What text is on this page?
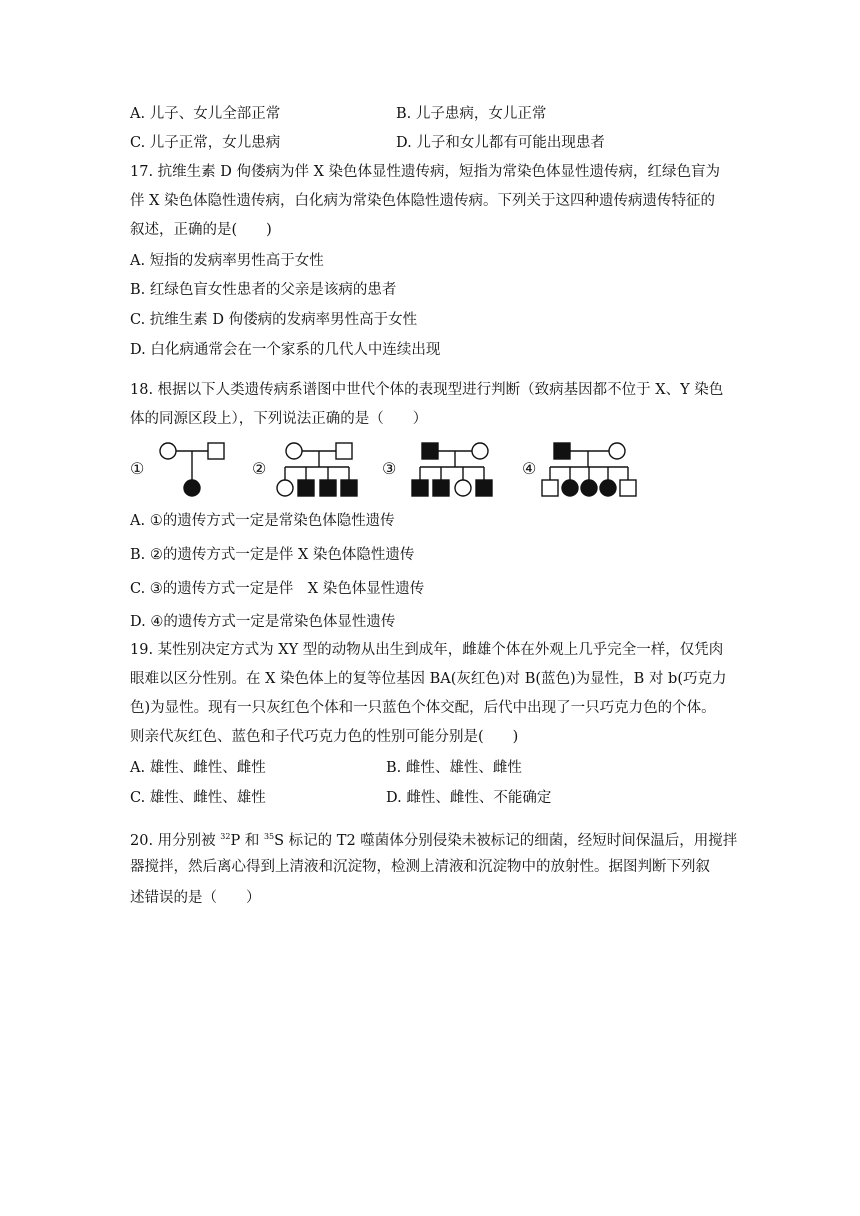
A. 儿子、女儿全部正常	B. 儿子患病，女儿正常
C. 儿子正常，女儿患病	D. 儿子和女儿都有可能出现患者
17. 抗维生素 D 佝偻病为伴 X 染色体显性遗传病，短指为常染色体显性遗传病，红绿色盲为
伴 X 染色体隐性遗传病，白化病为常染色体隐性遗传病。下列关于这四种遗传病遗传特征的
叙述，正确的是(　　)
A. 短指的发病率男性高于女性
B. 红绿色盲女性患者的父亲是该病的患者
C. 抗维生素 D 佝偻病的发病率男性高于女性
D. 白化病通常会在一个家系的几代人中连续出现
18. 根据以下人类遗传病系谱图中世代个体的表现型进行判断（致病基因都不位于 X、Y 染色
体的同源区段上），下列说法正确的是（　　）
①	②	③	④
A. ①的遗传方式一定是常染色体隐性遗传
B. ②的遗传方式一定是伴 X 染色体隐性遗传
C. ③的遗传方式一定是伴　X 染色体显性遗传
D. ④的遗传方式一定是常染色体显性遗传
19. 某性别决定方式为 XY 型的动物从出生到成年，雌雄个体在外观上几乎完全一样，仅凭肉
眼难以区分性别。在 X 染色体上的复等位基因 BA(灰红色)对 B(蓝色)为显性，B 对 b(巧克力
色)为显性。现有一只灰红色个体和一只蓝色个体交配，后代中出现了一只巧克力色的个体。
则亲代灰红色、蓝色和子代巧克力色的性别可能分别是(　　)
A. 雄性、雌性、雌性	B. 雌性、雄性、雌性
C. 雄性、雌性、雄性	D. 雌性、雌性、不能确定
20. 用分别被 $^{32}$P 和 $^{35}$S 标记的 T2 噬菌体分别侵染未被标记的细菌，经短时间保温后，用搅拌
器搅拌，然后离心得到上清液和沉淀物，检测上清液和沉淀物中的放射性。据图判断下列叙
述错误的是（　　）
